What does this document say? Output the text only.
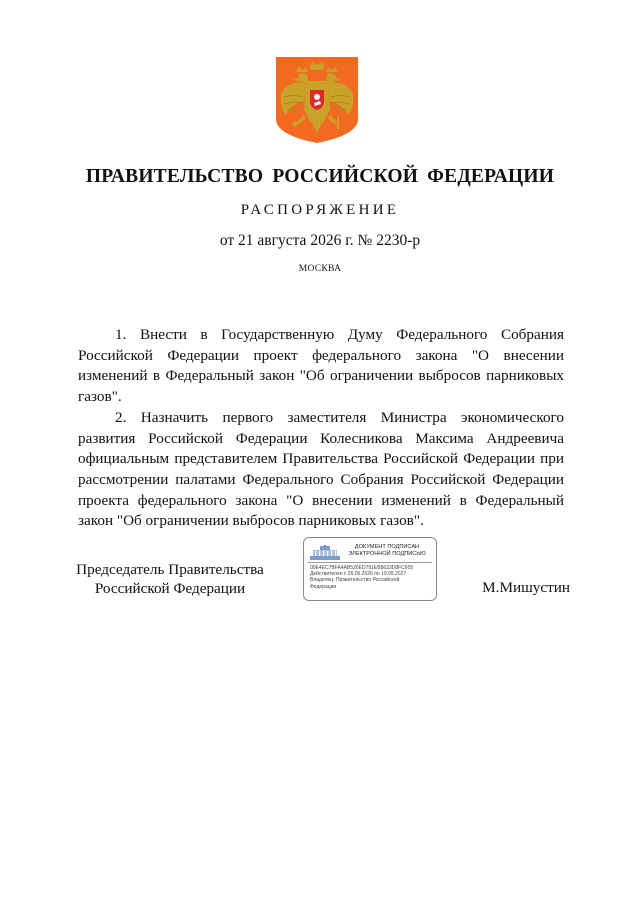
ПРАВИТЕЛЬСТВО РОССИЙСКОЙ ФЕДЕРАЦИИ
РАСПОРЯЖЕНИЕ
от 21 августа 2026 г. № 2230-р
МОСКВА

1. Внести в Государственную Думу Федерального Собрания Российской Федерации проект федерального закона "О внесении изменений в Федеральный закон "Об ограничении выбросов парниковых газов".

2. Назначить первого заместителя Министра экономического развития Российской Федерации Колесникова Максима Андреевича официальным представителем Правительства Российской Федерации при рассмотрении палатами Федерального Собрания Российской Федерации проекта федерального закона "О внесении изменений в Федеральный закон "Об ограничении выбросов парниковых газов".

Председатель Правительства
Российской Федерации
ДОКУМЕНТ ПОДПИСАН
ЭЛЕКТРОННОЙ ПОДПИСЬЮ
00E4EC7BFA4AB526ED791EB8633D8FC605
Действителен с 26.06.2026 по 19.09.2027
Владелец: Правительство Российской
Федерации	М.Мишустин
